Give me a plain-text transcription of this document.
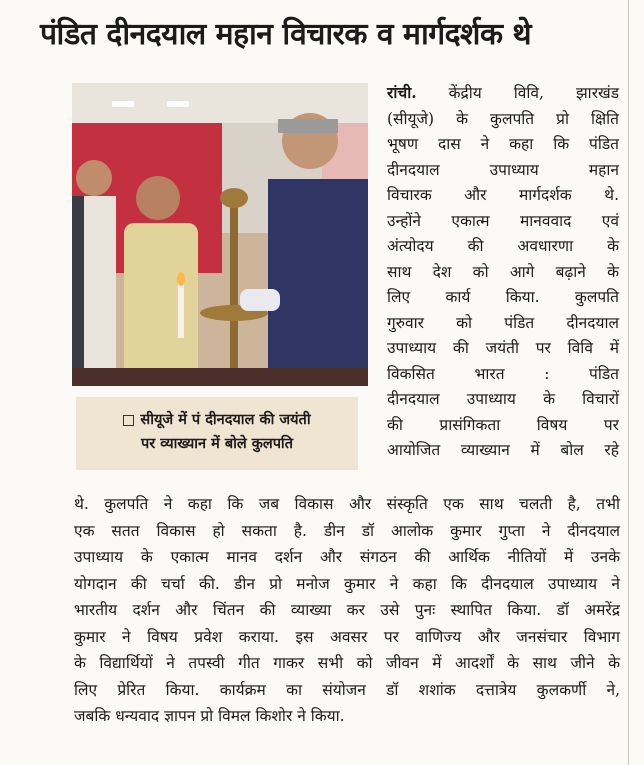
पंडित दीनदयाल महान विचारक व मार्गदर्शक थे
सीयूजे में पं दीनदयाल की जयंती
पर व्याख्यान में बोले कुलपति
रांची. केंद्रीय विवि, झारखंड
(सीयूजे) के कुलपति प्रो क्षिति
भूषण दास ने कहा कि पंडित
दीनदयाल उपाध्याय महान
विचारक और मार्गदर्शक थे.
उन्होंने एकात्म मानववाद एवं
अंत्योदय की अवधारणा के
साथ देश को आगे बढ़ाने के
लिए कार्य किया. कुलपति
गुरुवार को पंडित दीनदयाल
उपाध्याय की जयंती पर विवि में
विकसित भारत : पंडित
दीनदयाल उपाध्याय के विचारों
की प्रासंगिकता विषय पर
आयोजित व्याख्यान में बोल रहे
थे. कुलपति ने कहा कि जब विकास और संस्कृति एक साथ चलती है, तभी
एक सतत विकास हो सकता है. डीन डॉ आलोक कुमार गुप्ता ने दीनदयाल
उपाध्याय के एकात्म मानव दर्शन और संगठन की आर्थिक नीतियों में उनके
योगदान की चर्चा की. डीन प्रो मनोज कुमार ने कहा कि दीनदयाल उपाध्याय ने
भारतीय दर्शन और चिंतन की व्याख्या कर उसे पुनः स्थापित किया. डॉ अमरेंद्र
कुमार ने विषय प्रवेश कराया. इस अवसर पर वाणिज्य और जनसंचार विभाग
के विद्यार्थियों ने तपस्वी गीत गाकर सभी को जीवन में आदर्शों के साथ जीने के
लिए प्रेरित किया. कार्यक्रम का संयोजन डॉ शशांक दत्तात्रेय कुलकर्णी ने,
जबकि धन्यवाद ज्ञापन प्रो विमल किशोर ने किया.
